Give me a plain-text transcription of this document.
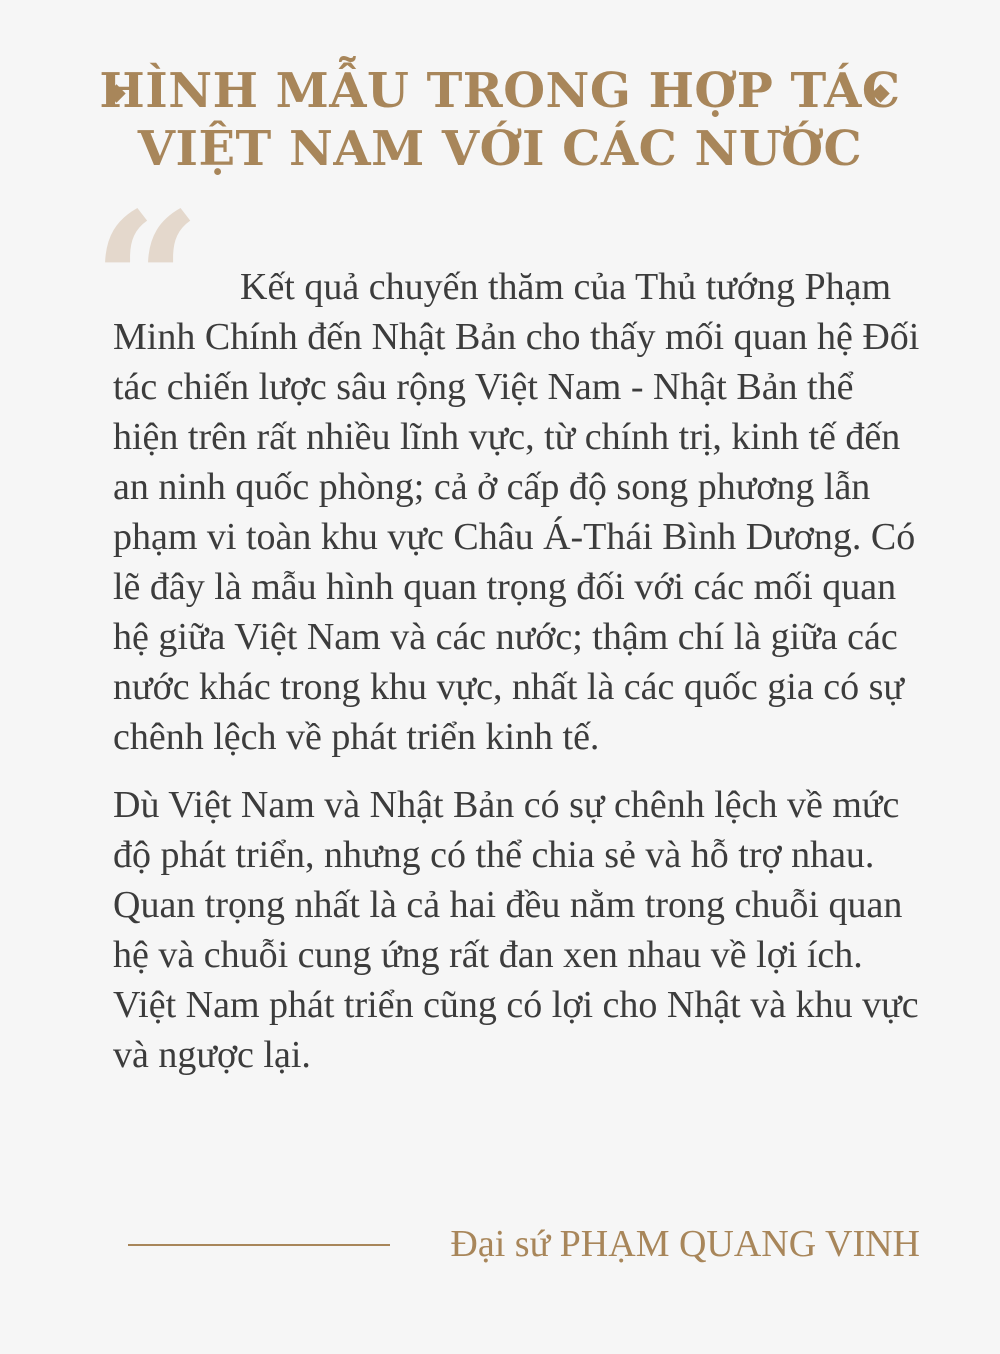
HÌNH MẪU TRONG HỢP TÁC
VIỆT NAM VỚI CÁC NƯỚC
“	Kết quả chuyến thăm của Thủ tướng Phạm Minh Chính đến Nhật Bản cho thấy mối quan hệ Đối tác chiến lược sâu rộng Việt Nam - Nhật Bản thể hiện trên rất nhiều lĩnh vực, từ chính trị, kinh tế đến an ninh quốc phòng; cả ở cấp độ song phương lẫn phạm vi toàn khu vực Châu Á-Thái Bình Dương. Có lẽ đây là mẫu hình quan trọng đối với các mối quan hệ giữa Việt Nam và các nước; thậm chí là giữa các nước khác trong khu vực, nhất là các quốc gia có sự chênh lệch về phát triển kinh tế.

Dù Việt Nam và Nhật Bản có sự chênh lệch về mức độ phát triển, nhưng có thể chia sẻ và hỗ trợ nhau. Quan trọng nhất là cả hai đều nằm trong chuỗi quan hệ và chuỗi cung ứng rất đan xen nhau về lợi ích. Việt Nam phát triển cũng có lợi cho Nhật và khu vực và ngược lại.

Đại sứ PHẠM QUANG VINH
